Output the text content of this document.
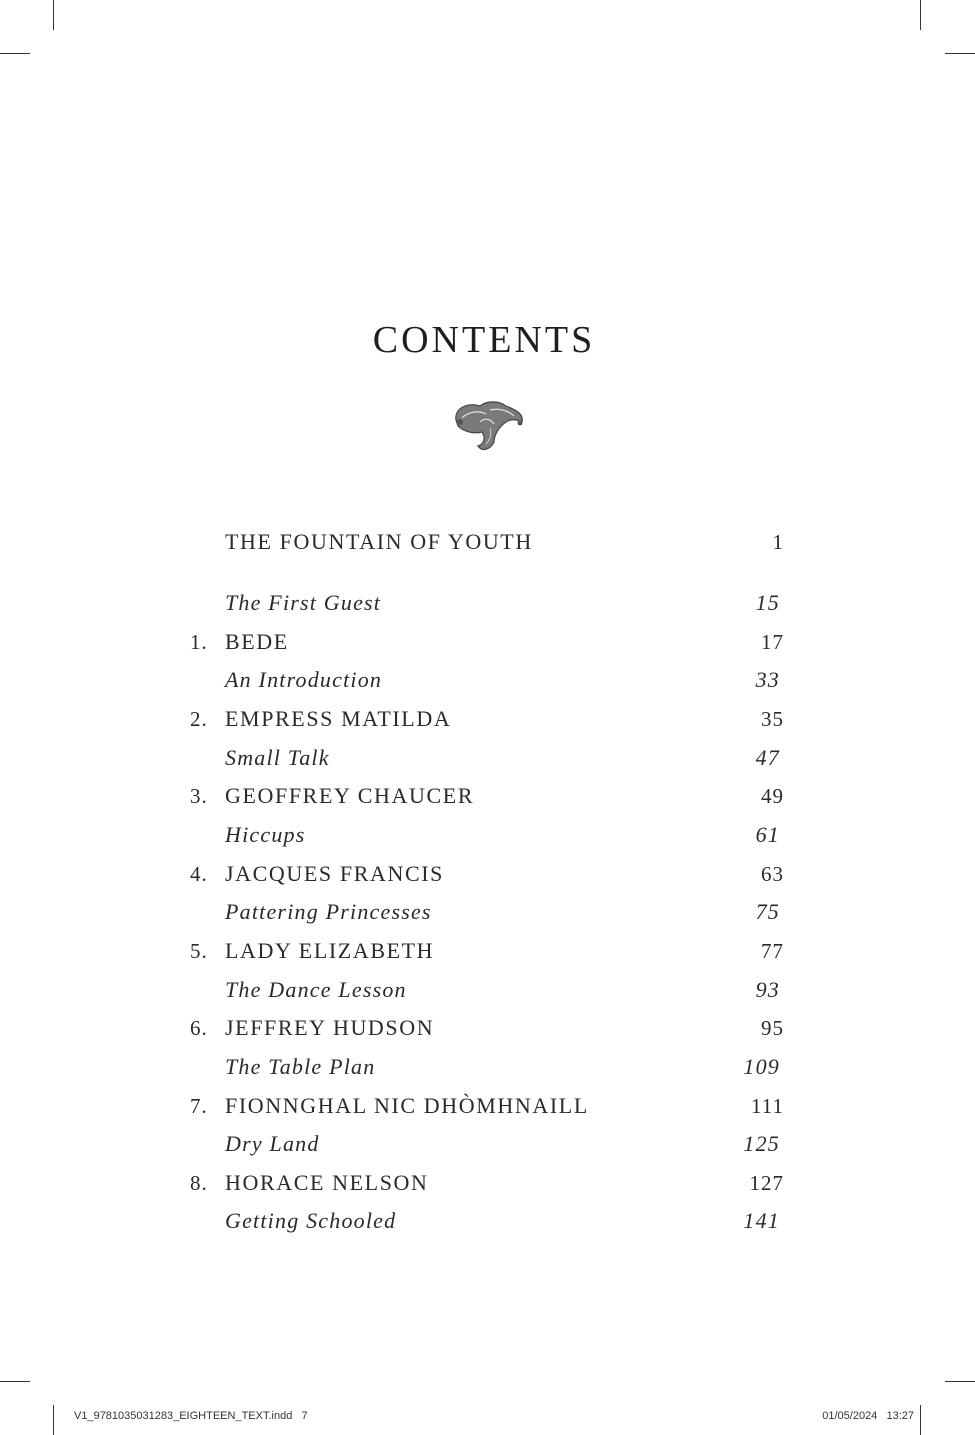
CONTENTS
THE FOUNTAIN OF YOUTH	1
The First Guest	15
1. BEDE	17
An Introduction	33
2. EMPRESS MATILDA	35
Small Talk	47
3. GEOFFREY CHAUCER	49
Hiccups	61
4. JACQUES FRANCIS	63
Pattering Princesses	75
5. LADY ELIZABETH	77
The Dance Lesson	93
6. JEFFREY HUDSON	95
The Table Plan	109
7. FIONNGHAL NIC DHÒMHNAILL	111
Dry Land	125
8. HORACE NELSON	127
Getting Schooled	141
V1_9781035031283_EIGHTEEN_TEXT.indd   7	01/05/2024   13:27
